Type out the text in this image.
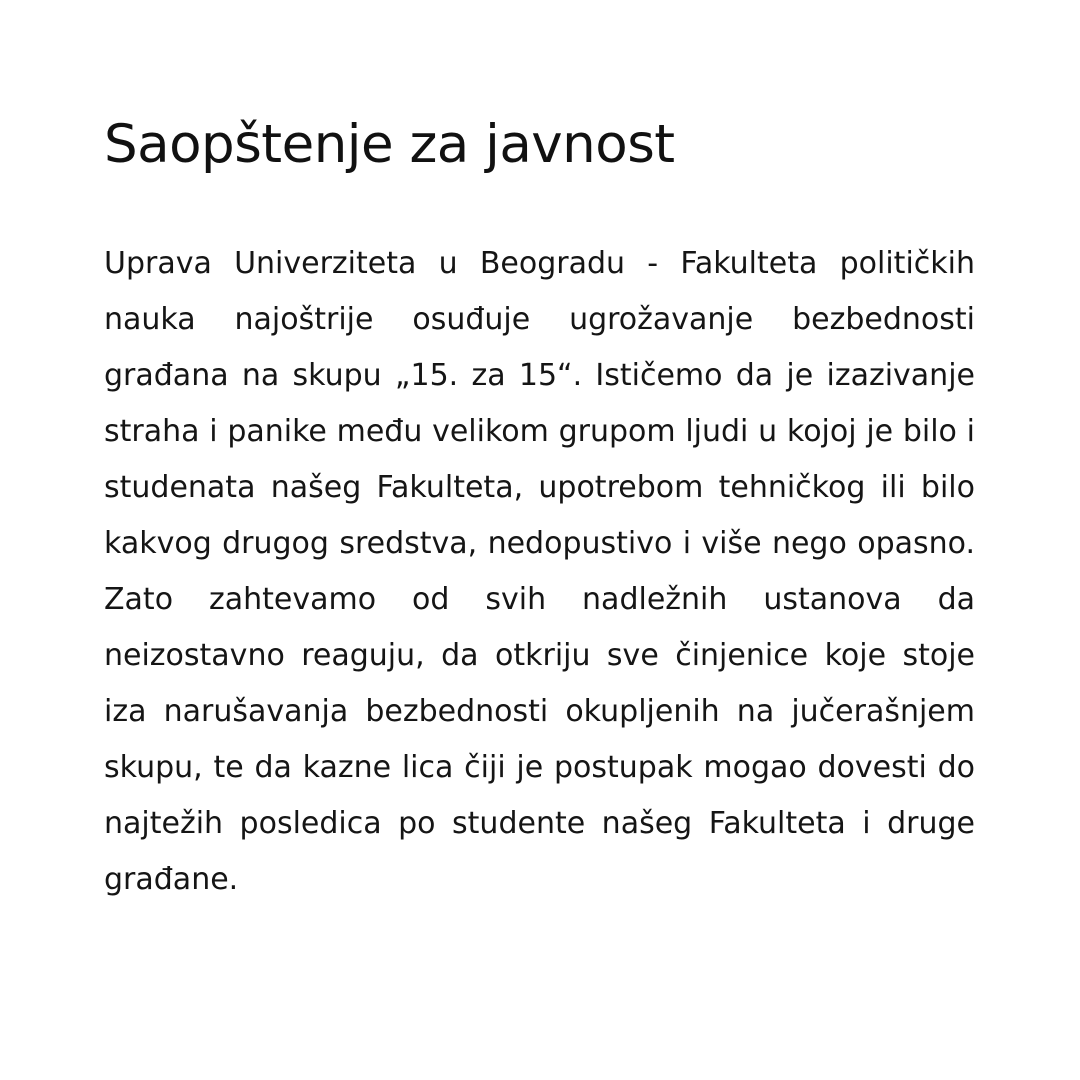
Saopštenje za javnost

Uprava Univerziteta u Beogradu - Fakulteta političkih nauka najoštrije osuđuje ugrožavanje bezbednosti građana na skupu „15. za 15“. Ističemo da je izazivanje straha i panike među velikom grupom ljudi u kojoj je bilo i studenata našeg Fakulteta, upotrebom tehničkog ili bilo kakvog drugog sredstva, nedopustivo i više nego opasno. Zato zahtevamo od svih nadležnih ustanova da neizostavno reaguju, da otkriju sve činjenice koje stoje iza narušavanja bezbednosti okupljenih na jučerašnjem skupu, te da kazne lica čiji je postupak mogao dovesti do najtežih posledica po studente našeg Fakulteta i druge građane.
